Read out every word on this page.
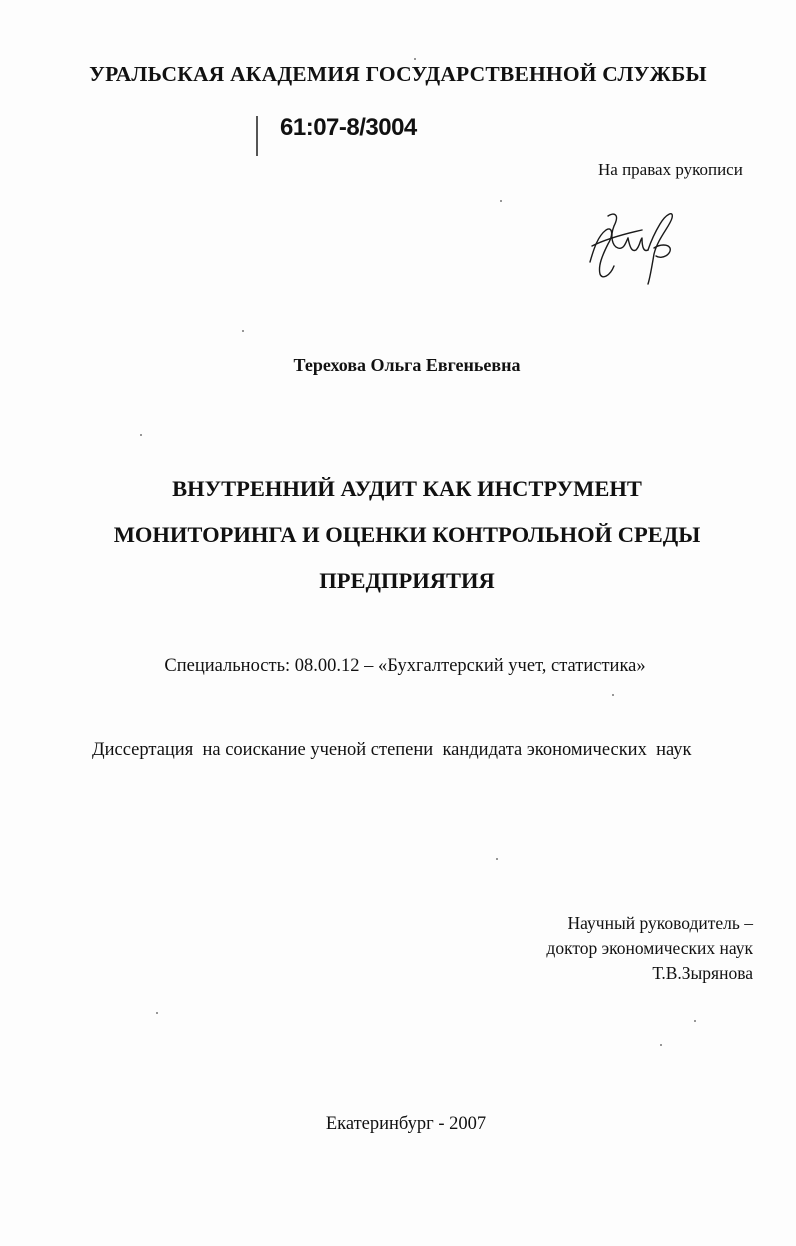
УРАЛЬСКАЯ АКАДЕМИЯ ГОСУДАРСТВЕННОЙ СЛУЖБЫ

61:07-8/3004

На правах рукописи

Терехова Ольга Евгеньевна

ВНУТРЕННИЙ АУДИТ КАК ИНСТРУМЕНТ

МОНИТОРИНГА И ОЦЕНКИ КОНТРОЛЬНОЙ СРЕДЫ

ПРЕДПРИЯТИЯ

Специальность: 08.00.12 – «Бухгалтерский учет, статистика»

Диссертация  на соискание ученой степени  кандидата экономических  наук

Научный руководитель –
доктор экономических наук
Т.В.Зырянова

Екатеринбург - 2007
